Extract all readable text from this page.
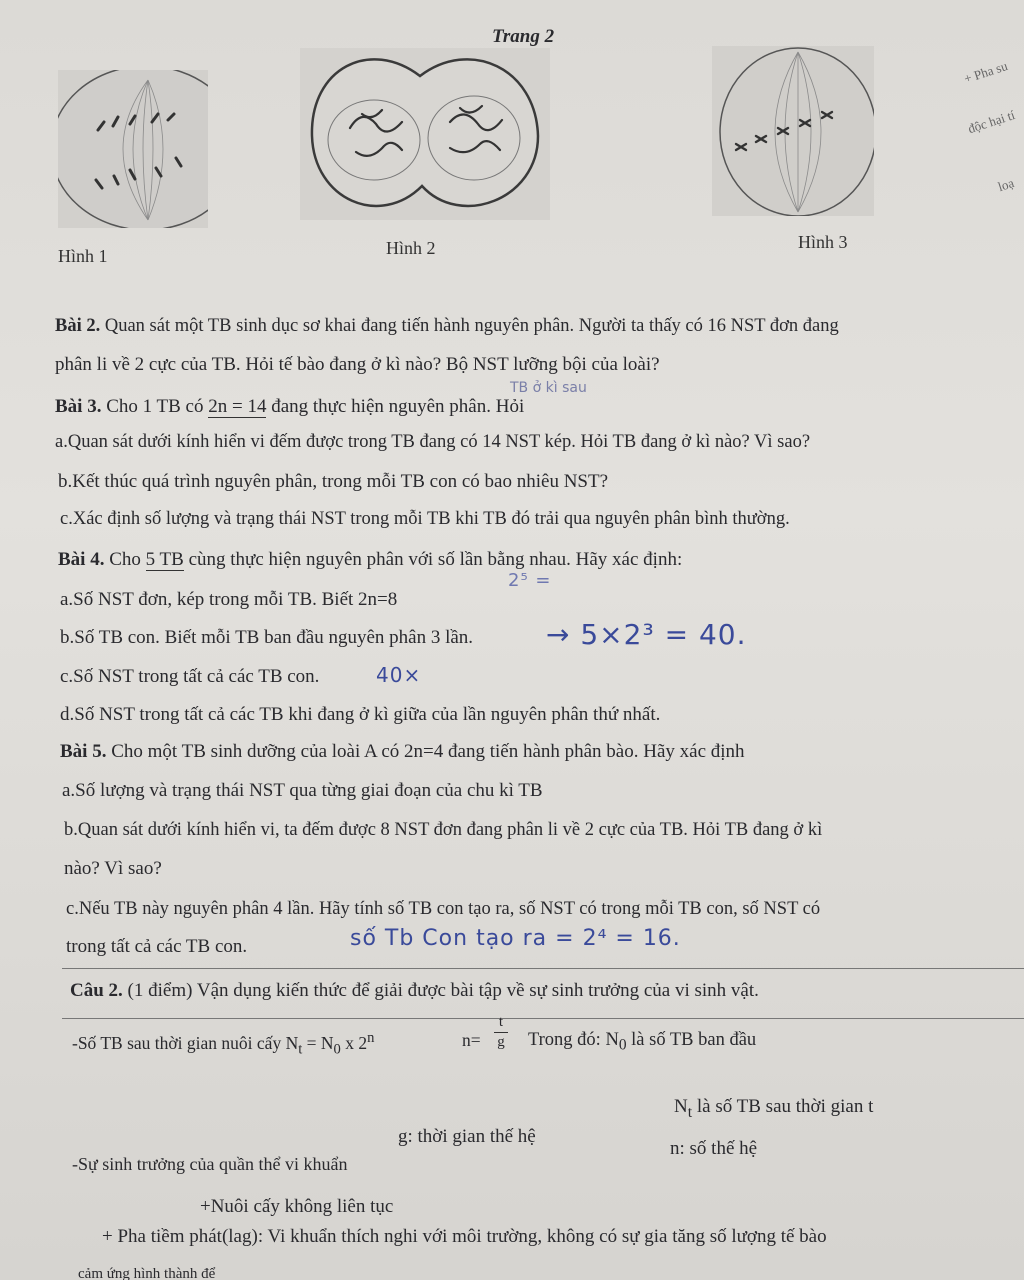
Trang 2
Hình 1	Hình 2	Hình 3
+ Pha su
độc hại tí
loạ
Bài 2. Quan sát một TB sinh dục sơ khai đang tiến hành nguyên phân. Người ta thấy có 16 NST đơn đang
phân li về 2 cực của TB. Hỏi tế bào đang ở kì nào? Bộ NST lưỡng bội của loài?
Bài 3. Cho 1 TB có 2n = 14 đang thực hiện nguyên phân. Hỏi
TB ở kì sau
a.Quan sát dưới kính hiển vi đếm được trong TB đang có 14 NST kép. Hỏi TB đang ở kì nào? Vì sao?
b.Kết thúc quá trình nguyên phân, trong mỗi TB con có bao nhiêu NST?
c.Xác định số lượng và trạng thái NST trong mỗi TB khi TB đó trải qua nguyên phân bình thường.
Bài 4. Cho 5 TB cùng thực hiện nguyên phân với số lần bằng nhau. Hãy xác định:
2⁵ =
a.Số NST đơn, kép trong mỗi TB. Biết 2n=8
b.Số TB con. Biết mỗi TB ban đầu nguyên phân 3 lần.	→ 5×2³ = 40.
c.Số NST trong tất cả các TB con.	40×
d.Số NST trong tất cả các TB khi đang ở kì giữa của lần nguyên phân thứ nhất.
Bài 5. Cho một TB sinh dưỡng của loài A có 2n=4 đang tiến hành phân bào. Hãy xác định
a.Số lượng và trạng thái NST qua từng giai đoạn của chu kì TB
b.Quan sát dưới kính hiển vi, ta đếm được 8 NST đơn đang phân li về 2 cực của TB. Hỏi TB đang ở kì
nào? Vì sao?
c.Nếu TB này nguyên phân 4 lần. Hãy tính số TB con tạo ra, số NST có trong mỗi TB con, số NST có
trong tất cả các TB con.	số Tb Con tạo ra = 2⁴ = 16.
Câu 2. (1 điểm) Vận dụng kiến thức để giải được bài tập về sự sinh trưởng của vi sinh vật.
-Số TB sau thời gian nuôi cấy $N_t = N_0$ x 2$^n$	n=
t
g Trong đó: $N_0$ là số TB ban đầu
$N_t$ là số TB sau thời gian t
g: thời gian thế hệ
n: số thế hệ
-Sự sinh trưởng của quần thể vi khuẩn
+Nuôi cấy không liên tục
+ Pha tiềm phát(lag): Vi khuẩn thích nghi với môi trường, không có sự gia tăng số lượng tế bào
cảm ứng hình thành để
